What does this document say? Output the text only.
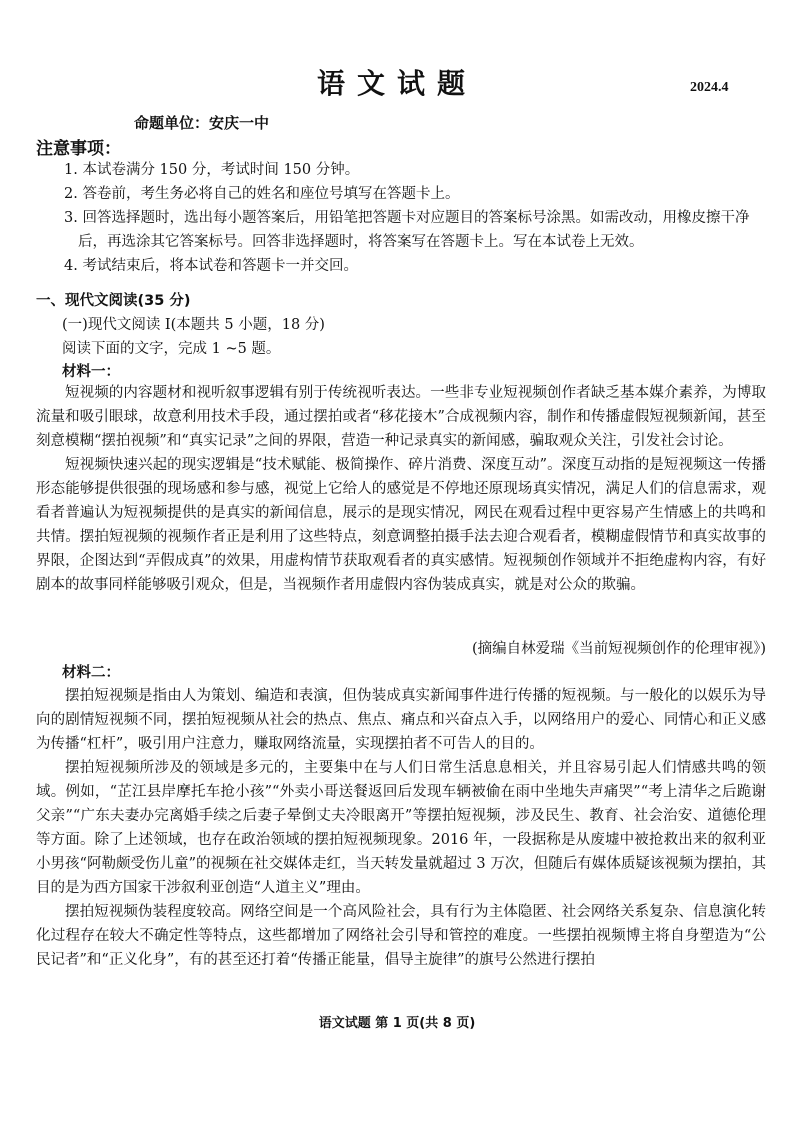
语文试题	2024.4
命题单位：安庆一中
注意事项：
1. 本试卷满分 150 分，考试时间 150 分钟。
2. 答卷前，考生务必将自己的姓名和座位号填写在答题卡上。
3. 回答选择题时，选出每小题答案后，用铅笔把答题卡对应题目的答案标号涂黑。如需改动，用橡皮擦干净后，再选涂其它答案标号。回答非选择题时，将答案写在答题卡上。写在本试卷上无效。
4. 考试结束后，将本试卷和答题卡一并交回。
一、现代文阅读(35 分)
(一)现代文阅读 I(本题共 5 小题，18 分)
阅读下面的文字，完成 1 ~5 题。
材料一：

短视频的内容题材和视听叙事逻辑有别于传统视听表达。一些非专业短视频创作者缺乏基本媒介素养，为博取流量和吸引眼球，故意利用技术手段，通过摆拍或者“移花接木”合成视频内容，制作和传播虚假短视频新闻，甚至刻意模糊“摆拍视频”和“真实记录”之间的界限，营造一种记录真实的新闻感，骗取观众关注，引发社会讨论。

短视频快速兴起的现实逻辑是“技术赋能、极简操作、碎片消费、深度互动”。深度互动指的是短视频这一传播形态能够提供很强的现场感和参与感，视觉上它给人的感觉是不停地还原现场真实情况，满足人们的信息需求，观看者普遍认为短视频提供的是真实的新闻信息，展示的是现实情况，网民在观看过程中更容易产生情感上的共鸣和共情。摆拍短视频的视频作者正是利用了这些特点，刻意调整拍摄手法去迎合观看者，模糊虚假情节和真实故事的界限，企图达到“弄假成真”的效果，用虚构情节获取观看者的真实感情。短视频创作领域并不拒绝虚构内容，有好剧本的故事同样能够吸引观众，但是，当视频作者用虚假内容伪装成真实，就是对公众的欺骗。

(摘编自林爱瑞《当前短视频创作的伦理审视》)
材料二：

摆拍短视频是指由人为策划、编造和表演，但伪装成真实新闻事件进行传播的短视频。与一般化的以娱乐为导向的剧情短视频不同，摆拍短视频从社会的热点、焦点、痛点和兴奋点入手，以网络用户的爱心、同情心和正义感为传播“杠杆”，吸引用户注意力，赚取网络流量，实现摆拍者不可告人的目的。

摆拍短视频所涉及的领域是多元的，主要集中在与人们日常生活息息相关，并且容易引起人们情感共鸣的领域。例如，“芷江县岸摩托车抢小孩”“外卖小哥送餐返回后发现车辆被偷在雨中坐地失声痛哭”“考上清华之后跪谢父亲”“广东夫妻办完离婚手续之后妻子晕倒丈夫冷眼离开”等摆拍短视频，涉及民生、教育、社会治安、道德伦理等方面。除了上述领域，也存在政治领域的摆拍短视频现象。2016 年，一段据称是从废墟中被抢救出来的叙利亚小男孩“阿勒颇受伤儿童”的视频在社交媒体走红，当天转发量就超过 3 万次，但随后有媒体质疑该视频为摆拍，其目的是为西方国家干涉叙利亚创造“人道主义”理由。

摆拍短视频伪装程度较高。网络空间是一个高风险社会，具有行为主体隐匿、社会网络关系复杂、信息演化转化过程存在较大不确定性等特点，这些都增加了网络社会引导和管控的难度。一些摆拍视频博主将自身塑造为“公民记者”和“正义化身”，有的甚至还打着“传播正能量，倡导主旋律”的旗号公然进行摆拍

语文试题 第 1 页(共 8 页)
